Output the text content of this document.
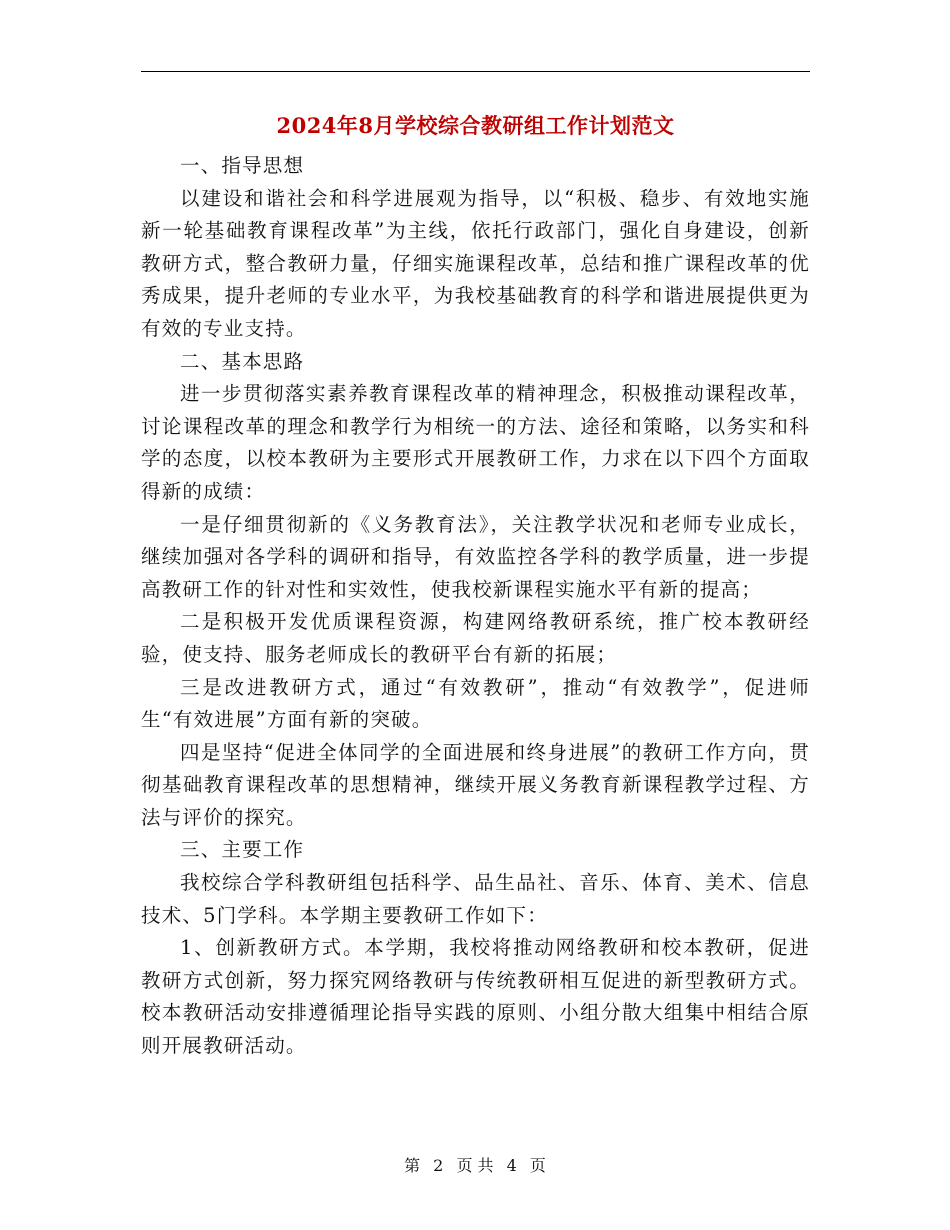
2024年8月学校综合教研组工作计划范文

一、指导思想

以建设和谐社会和科学进展观为指导，以“积极、稳步、有效地实施新一轮基础教育课程改革”为主线，依托行政部门，强化自身建设，创新教研方式，整合教研力量，仔细实施课程改革，总结和推广课程改革的优秀成果，提升老师的专业水平，为我校基础教育的科学和谐进展提供更为有效的专业支持。

二、基本思路

进一步贯彻落实素养教育课程改革的精神理念，积极推动课程改革，讨论课程改革的理念和教学行为相统一的方法、途径和策略，以务实和科学的态度，以校本教研为主要形式开展教研工作，力求在以下四个方面取得新的成绩：

一是仔细贯彻新的《义务教育法》，关注教学状况和老师专业成长，继续加强对各学科的调研和指导，有效监控各学科的教学质量，进一步提高教研工作的针对性和实效性，使我校新课程实施水平有新的提高；

二是积极开发优质课程资源，构建网络教研系统，推广校本教研经验，使支持、服务老师成长的教研平台有新的拓展；

三是改进教研方式，通过“有效教研”，推动“有效教学”，促进师生“有效进展”方面有新的突破。

四是坚持“促进全体同学的全面进展和终身进展”的教研工作方向，贯彻基础教育课程改革的思想精神，继续开展义务教育新课程教学过程、方法与评价的探究。

三、主要工作

我校综合学科教研组包括科学、品生品社、音乐、体育、美术、信息技术、5门学科。本学期主要教研工作如下：

1、创新教研方式。本学期，我校将推动网络教研和校本教研，促进教研方式创新，努力探究网络教研与传统教研相互促进的新型教研方式。校本教研活动安排遵循理论指导实践的原则、小组分散大组集中相结合原则开展教研活动。

第 2 页 共 4 页
